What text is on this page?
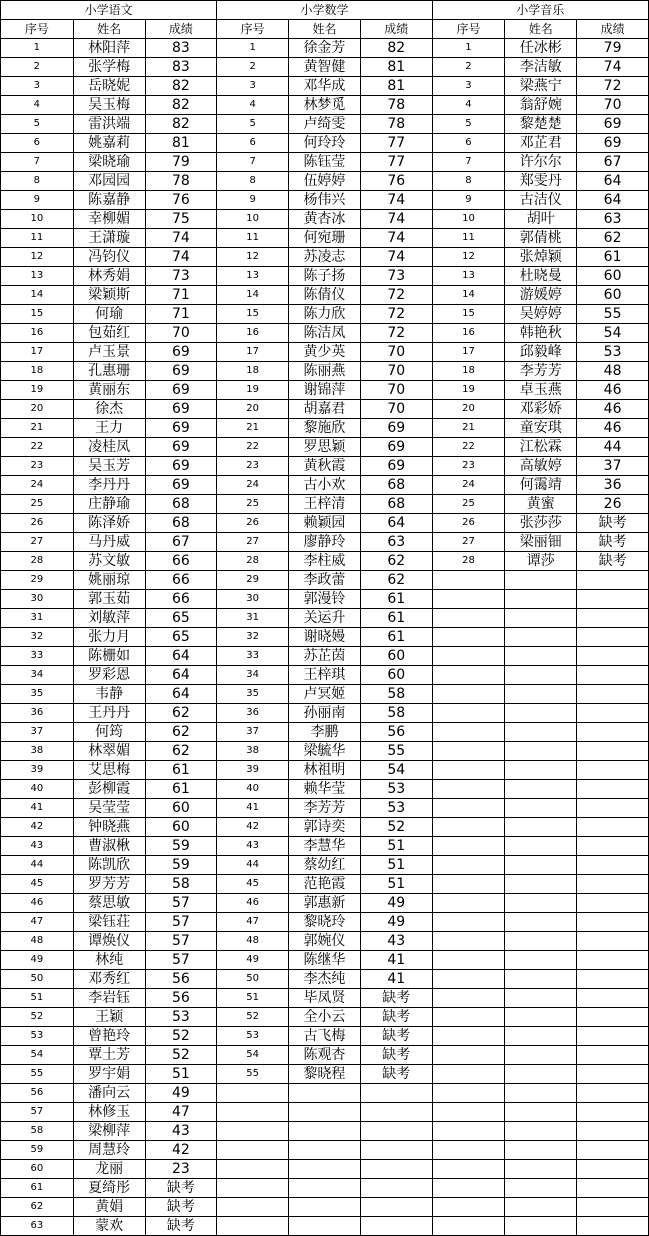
小学语文			小学数学			小学音乐		
序号	姓名	成绩	序号	姓名	成绩	序号	姓名	成绩
1	林阳萍	83	1	徐金芳	82	1	任冰彬	79
2	张学梅	83	2	黄智健	81	2	李洁敏	74
3	岳晓妮	82	3	邓华成	81	3	梁燕宁	72
4	吴玉梅	82	4	林梦觅	78	4	翁舒婉	70
5	雷洪端	82	5	卢绮雯	78	5	黎楚楚	69
6	姚嘉莉	81	6	何玲玲	77	6	邓芷君	69
7	梁晓瑜	79	7	陈钰莹	77	7	许尔尔	67
8	邓园园	78	8	伍婷婷	76	8	郑雯丹	64
9	陈嘉静	76	9	杨伟兴	74	9	古洁仪	64
10	幸柳媚	75	10	黄杏冰	74	10	胡叶	63
11	王潇璇	74	11	何宛珊	74	11	郭倩桃	62
12	冯钧仪	74	12	苏凌志	74	12	张焯颖	61
13	林秀娟	73	13	陈子扬	73	13	杜晓曼	60
14	梁颖斯	71	14	陈倩仪	72	14	游媛婷	60
15	何瑜	71	15	陈力欣	72	15	吴婷婷	55
16	包茹红	70	16	陈洁凤	72	16	韩艳秋	54
17	卢玉景	69	17	黄少英	70	17	邱毅峰	53
18	孔惠珊	69	18	陈丽燕	70	18	李芳芳	48
19	黄丽东	69	19	谢锦萍	70	19	卓玉燕	46
20	徐杰	69	20	胡嘉君	70	20	邓彩娇	46
21	王力	69	21	黎施欣	69	21	童安琪	46
22	凌桂凤	69	22	罗思颖	69	22	江松霖	44
23	吴玉芳	69	23	黄秋霞	69	23	高敏婷	37
24	李丹丹	69	24	古小欢	68	24	何霭靖	36
25	庄静瑜	68	25	王梓清	68	25	黄蜜	26
26	陈泽娇	68	26	赖颖园	64	26	张莎莎	缺考
27	马丹威	67	27	廖静玲	63	27	梁丽钿	缺考
28	苏文敏	66	28	李柱威	62	28	谭莎	缺考
29	姚丽琼	66	29	李政蕾	62			
30	郭玉茹	66	30	郭漫铃	61			
31	刘敏萍	65	31	关运升	61			
32	张力月	65	32	谢晓嫚	61			
33	陈栅如	64	33	苏芷茵	60			
34	罗彩恩	64	34	王梓琪	60			
35	韦静	64	35	卢冥姬	58			
36	王丹丹	62	36	孙丽南	58			
37	何筠	62	37	李鹏	56			
38	林翠媚	62	38	梁毓华	55			
39	艾思梅	61	39	林祖明	54			
40	彭柳霞	61	40	赖华莹	53			
41	吴莹莹	60	41	李芳芳	53			
42	钟晓燕	60	42	郭诗奕	52			
43	曹淑楸	59	43	李慧华	51			
44	陈凯欣	59	44	蔡幼红	51			
45	罗芳芳	58	45	范艳霞	51			
46	蔡思敏	57	46	郭惠新	49			
47	梁钰荘	57	47	黎晓玲	49			
48	谭焕仪	57	48	郭婉仪	43			
49	林纯	57	49	陈继华	41			
50	邓秀红	56	50	李杰纯	41			
51	李岩钰	56	51	毕凤贤	缺考			
52	王颖	53	52	全小云	缺考			
53	曾艳玲	52	53	古飞梅	缺考			
54	覃土芳	52	54	陈观杏	缺考			
55	罗宇娟	51	55	黎晓程	缺考			
56	潘向云	49						
57	林修玉	47						
58	梁柳萍	43						
59	周慧玲	42						
60	龙丽	23						
61	夏绮彤	缺考						
62	黄娟	缺考						
63	蒙欢	缺考						
